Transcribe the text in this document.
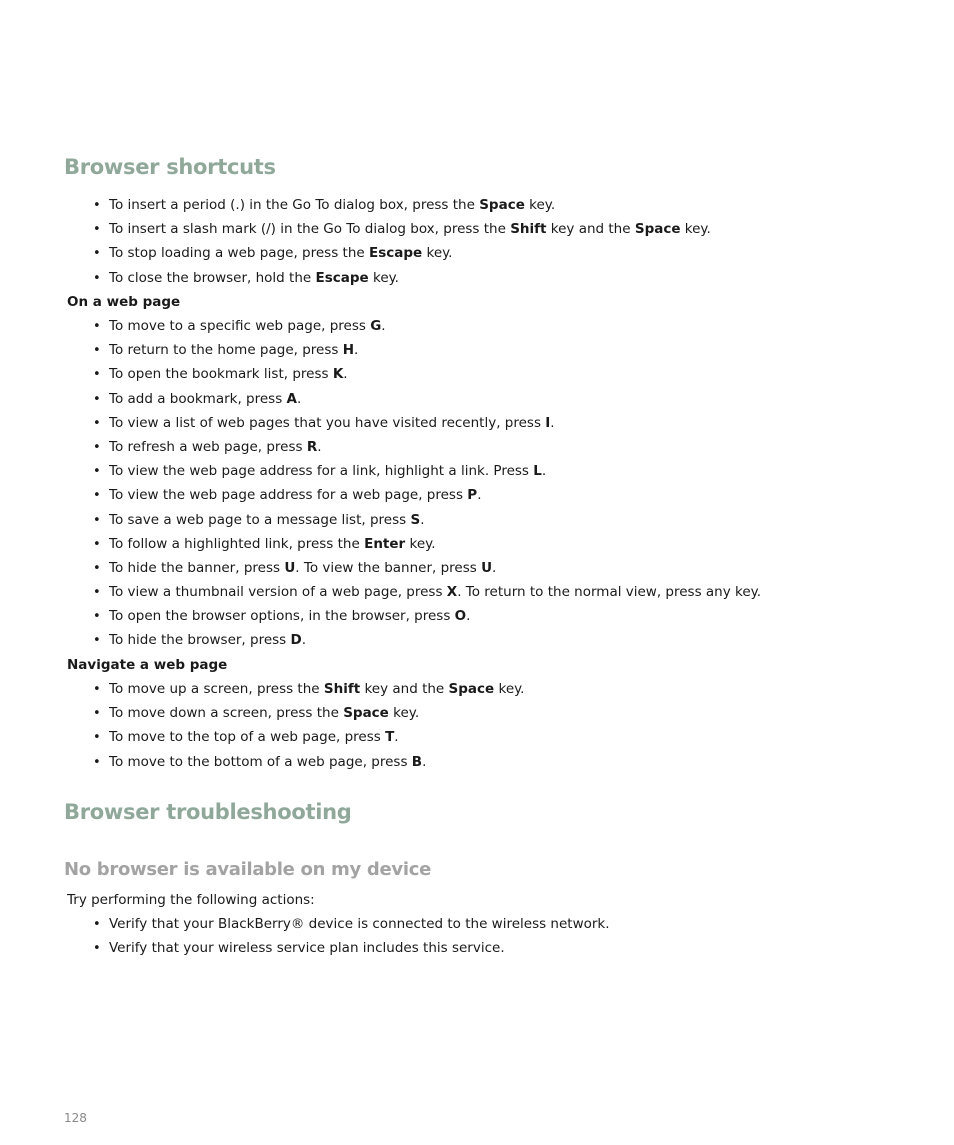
Browser shortcuts
• To insert a period (.) in the Go To dialog box, press the Space key.
• To insert a slash mark (/) in the Go To dialog box, press the Shift key and the Space key.
• To stop loading a web page, press the Escape key.
• To close the browser, hold the Escape key.
On a web page
• To move to a specific web page, press G.
• To return to the home page, press H.
• To open the bookmark list, press K.
• To add a bookmark, press A.
• To view a list of web pages that you have visited recently, press I.
• To refresh a web page, press R.
• To view the web page address for a link, highlight a link. Press L.
• To view the web page address for a web page, press P.
• To save a web page to a message list, press S.
• To follow a highlighted link, press the Enter key.
• To hide the banner, press U. To view the banner, press U.
• To view a thumbnail version of a web page, press X. To return to the normal view, press any key.
• To open the browser options, in the browser, press O.
• To hide the browser, press D.
Navigate a web page
• To move up a screen, press the Shift key and the Space key.
• To move down a screen, press the Space key.
• To move to the top of a web page, press T.
• To move to the bottom of a web page, press B.
Browser troubleshooting
No browser is available on my device
Try performing the following actions:
• Verify that your BlackBerry® device is connected to the wireless network.
• Verify that your wireless service plan includes this service.
128
